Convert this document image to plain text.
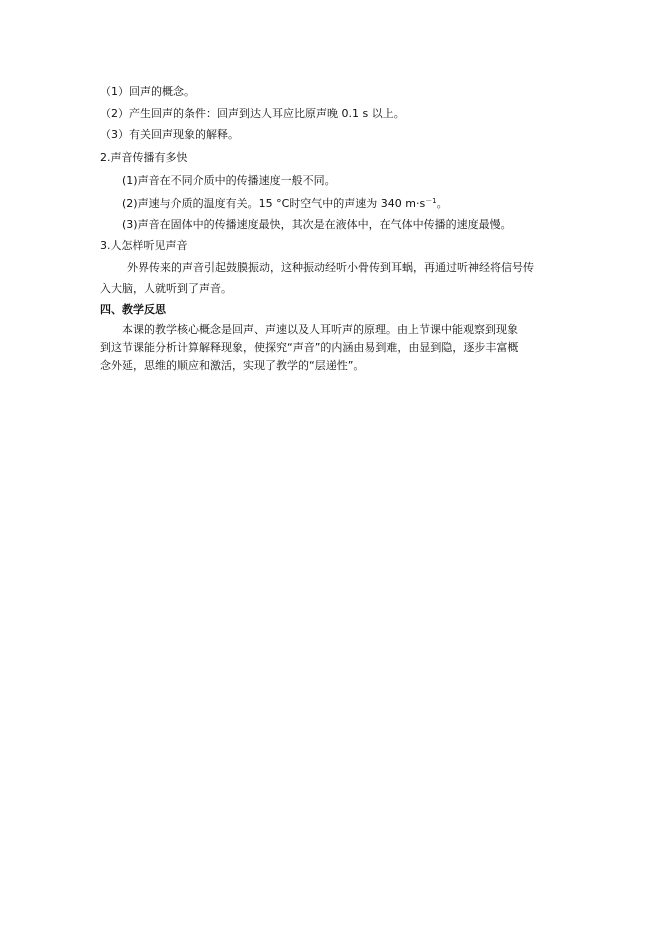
（1）回声的概念。
（2）产生回声的条件：回声到达人耳应比原声晚 0.1 s 以上。
（3）有关回声现象的解释。
2.声音传播有多快
(1)声音在不同介质中的传播速度一般不同。
(2)声速与介质的温度有关。15 °C时空气中的声速为 340 $m\cdot s^{-1}$。
(3)声音在固体中的传播速度最快，其次是在液体中，在气体中传播的速度最慢。
3.人怎样听见声音
外界传来的声音引起鼓膜振动，这种振动经听小骨传到耳蜗，再通过听神经将信号传
入大脑，人就听到了声音。
四、教学反思
本课的教学核心概念是回声、声速以及人耳听声的原理。由上节课中能观察到现象
到这节课能分析计算解释现象，使探究“声音”的内涵由易到难，由显到隐，逐步丰富概
念外延，思维的顺应和激活，实现了教学的“层递性”。
